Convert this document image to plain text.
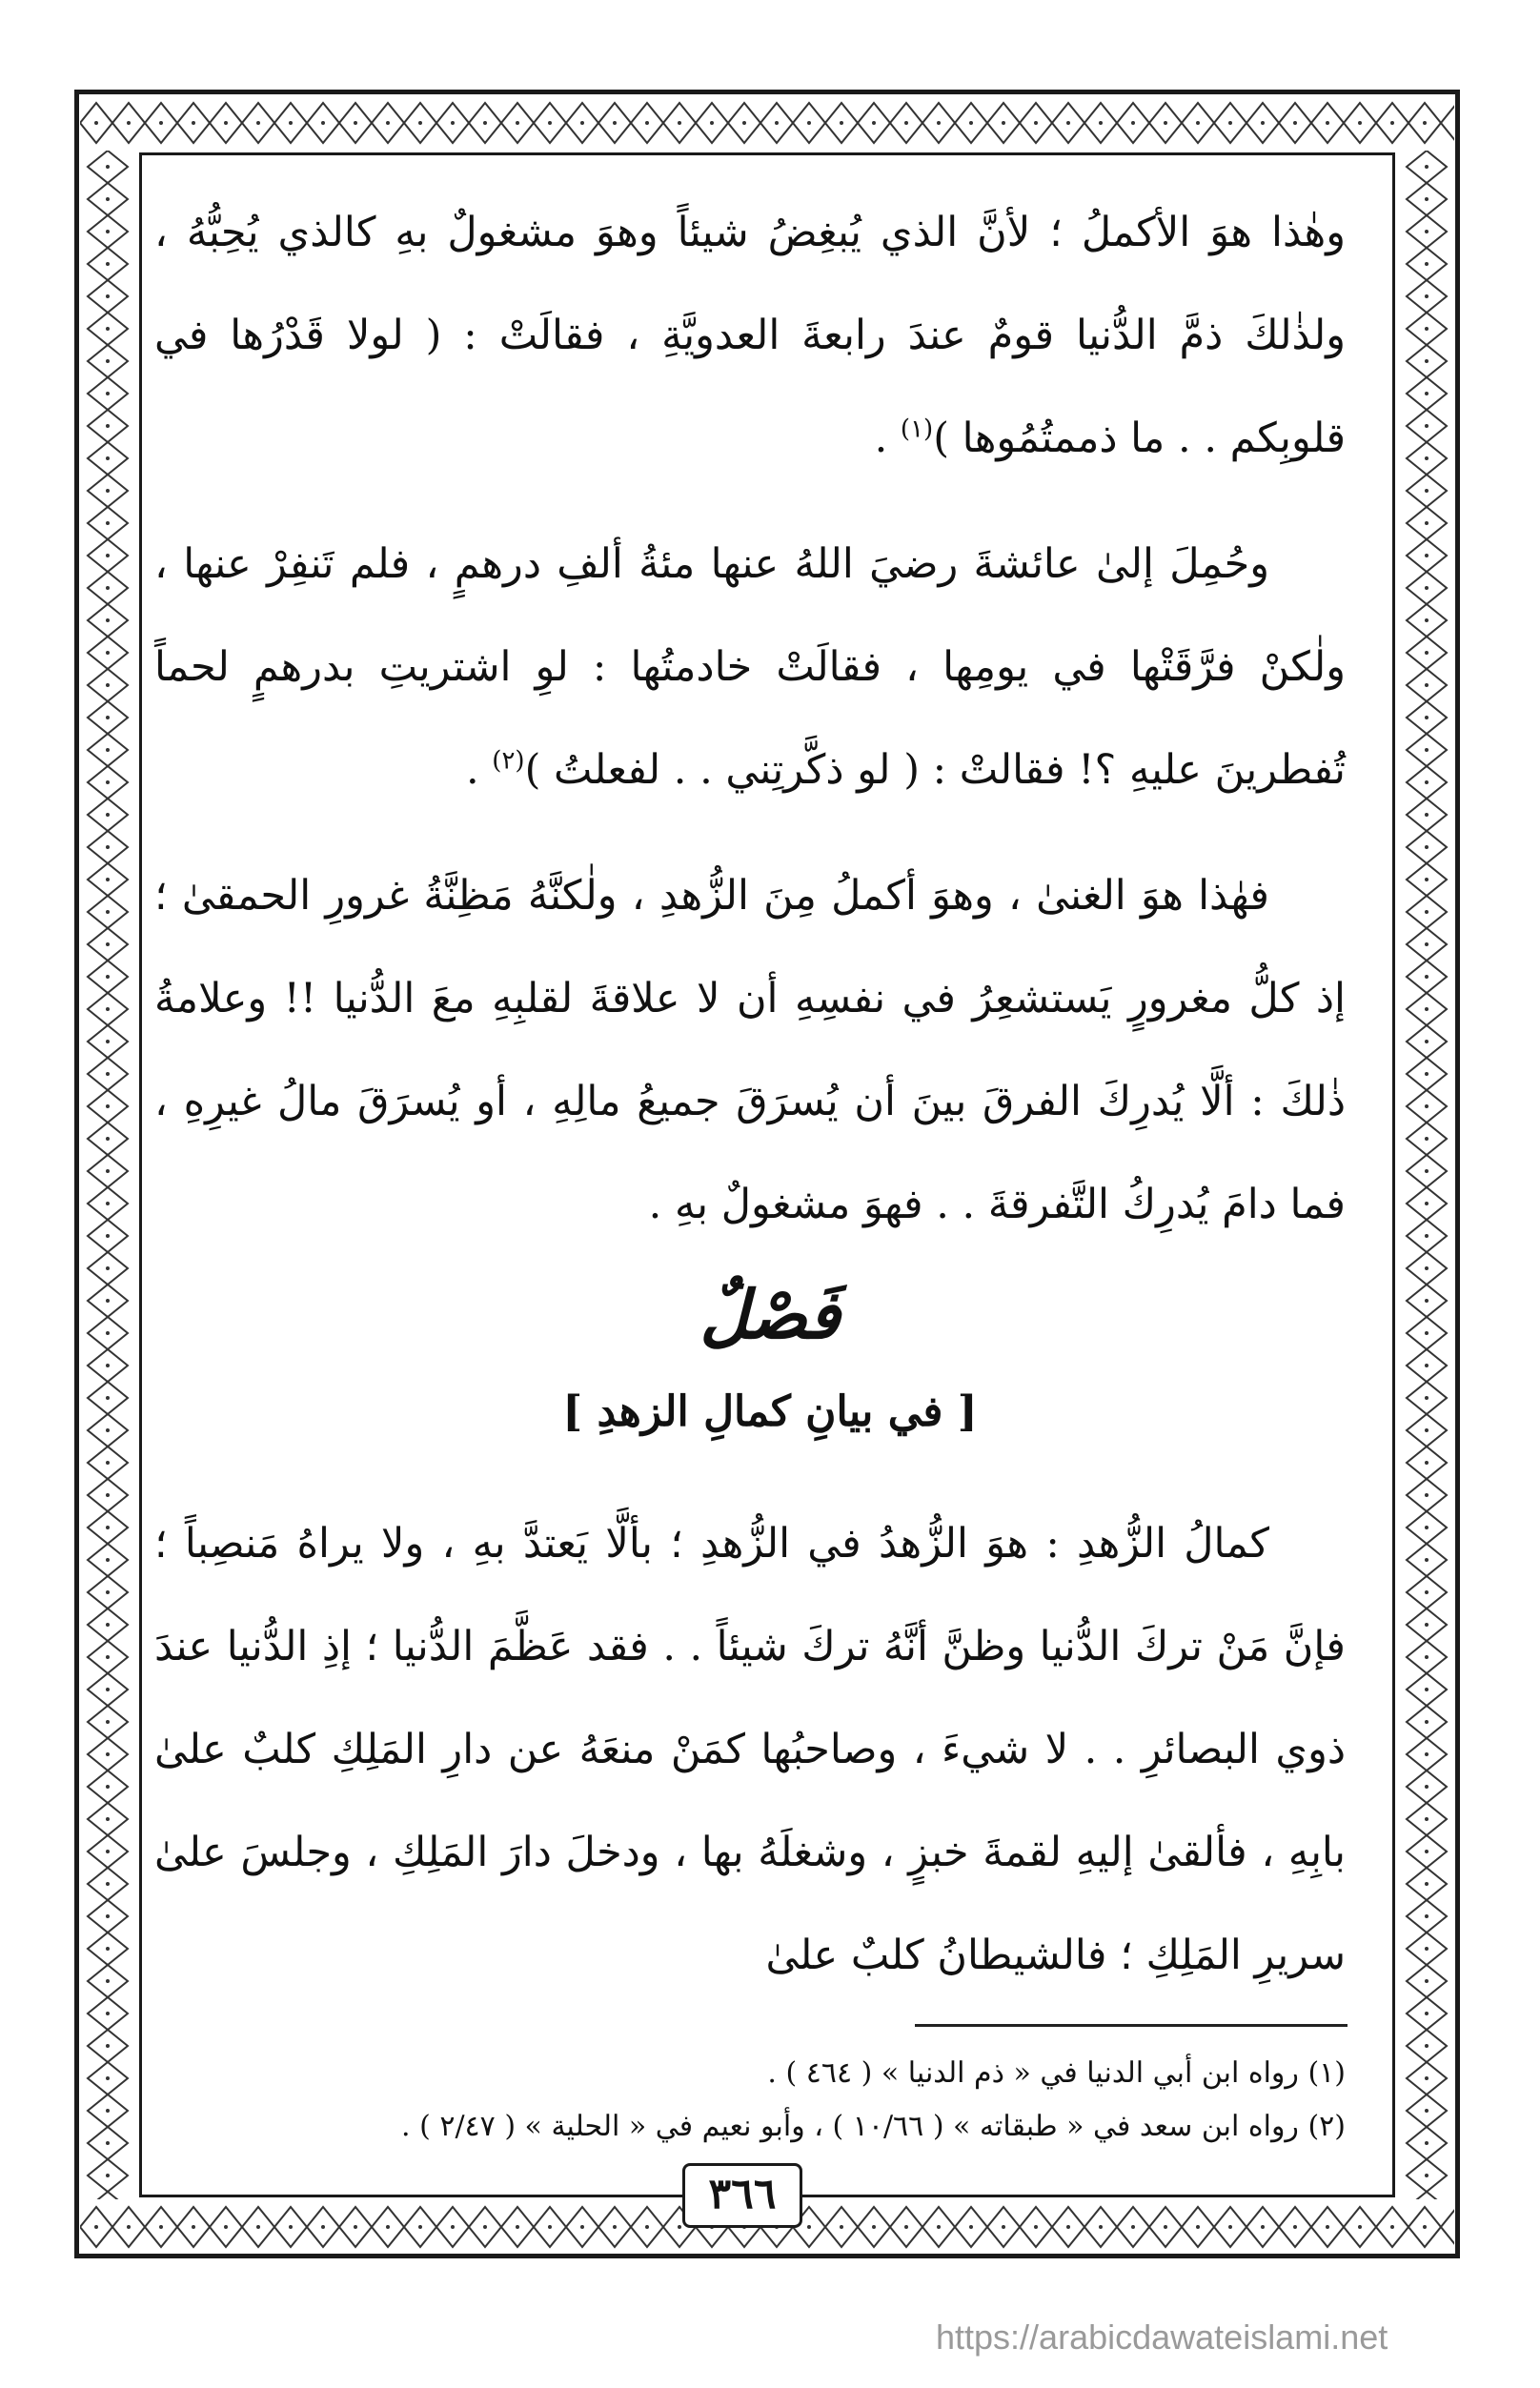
وهٰذا هوَ الأكملُ ؛ لأنَّ الذي يُبغِضُ شيئاً وهوَ مشغولٌ بهِ كالذي يُحِبُّهُ ، ولذٰلكَ ذمَّ الدُّنيا قومٌ عندَ رابعةَ العدويَّةِ ، فقالَتْ : ( لولا قَدْرُها في قلوبِكم . . ما ذممتُمُوها )$^{(١)}$ .

وحُمِلَ إلىٰ عائشةَ رضيَ اللهُ عنها مئةُ ألفِ درهمٍ ، فلم تَنفِرْ عنها ، ولٰكنْ فرَّقَتْها في يومِها ، فقالَتْ خادمتُها : لوِ اشتريتِ بدرهمٍ لحماً تُفطرينَ عليهِ ؟! فقالتْ : ( لو ذكَّرتِني . . لفعلتُ )$^{(٢)}$ .

فهٰذا هوَ الغنىٰ ، وهوَ أكملُ مِنَ الزُّهدِ ، ولٰكنَّهُ مَظِنَّةُ غرورِ الحمقىٰ ؛ إذ كلُّ مغرورٍ يَستشعِرُ في نفسِهِ أن لا علاقةَ لقلبِهِ معَ الدُّنيا !! وعلامةُ ذٰلكَ : ألَّا يُدرِكَ الفرقَ بينَ أن يُسرَقَ جميعُ مالِهِ ، أو يُسرَقَ مالُ غيرِهِ ، فما دامَ يُدرِكُ التَّفرقةَ . . فهوَ مشغولٌ بهِ .

فَصْلٌ
[ في بيانِ كمالِ الزهدِ ]

كمالُ الزُّهدِ : هوَ الزُّهدُ في الزُّهدِ ؛ بألَّا يَعتدَّ بهِ ، ولا يراهُ مَنصِباً ؛ فإنَّ مَنْ تركَ الدُّنيا وظنَّ أنَّهُ تركَ شيئاً . . فقد عَظَّمَ الدُّنيا ؛ إذِ الدُّنيا عندَ ذوي البصائرِ . . لا شيءَ ، وصاحبُها كمَنْ منعَهُ عن دارِ المَلِكِ كلبٌ علىٰ بابِهِ ، فألقىٰ إليهِ لقمةَ خبزٍ ، وشغلَهُ بها ، ودخلَ دارَ المَلِكِ ، وجلسَ علىٰ سريرِ المَلِكِ ؛ فالشيطانُ كلبٌ علىٰ

(١) رواه ابن أبي الدنيا في « ذم الدنيا » ( ٤٦٤ ) .

(٢) رواه ابن سعد في « طبقاته » ( ١٠/٦٦ ) ، وأبو نعيم في « الحلية » ( ٢/٤٧ ) .

٣٦٦
https://arabicdawateislami.net
